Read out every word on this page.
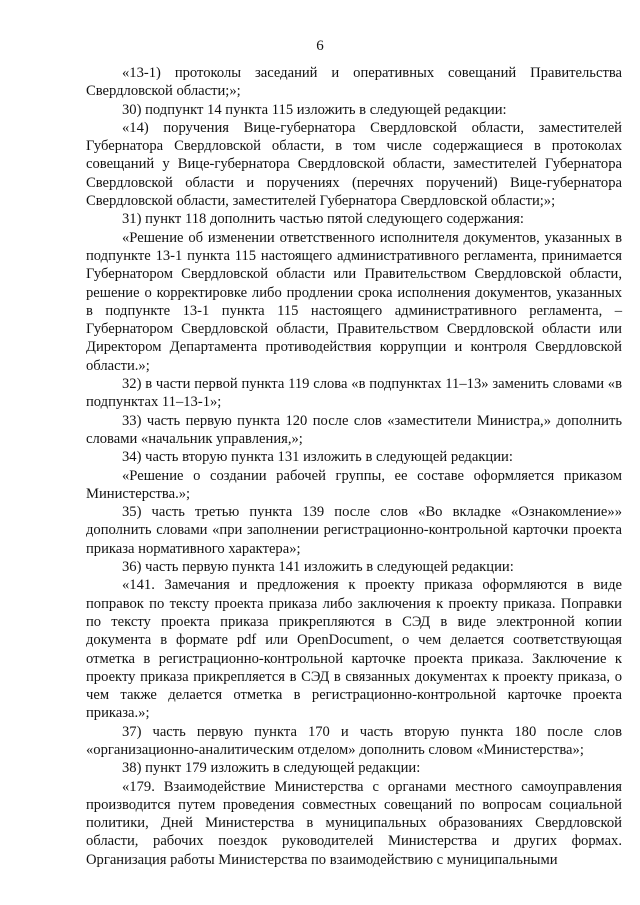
6

«13-1) протоколы заседаний и оперативных совещаний Правительства Свердловской области;»;

30) подпункт 14 пункта 115 изложить в следующей редакции:

«14) поручения Вице-губернатора Свердловской области, заместителей Губернатора Свердловской области, в том числе содержащиеся в протоколах совещаний у Вице-губернатора Свердловской области, заместителей Губернатора Свердловской области и поручениях (перечнях поручений) Вице-губернатора Свердловской области, заместителей Губернатора Свердловской области;»;

31) пункт 118 дополнить частью пятой следующего содержания:

«Решение об изменении ответственного исполнителя документов, указанных в подпункте 13-1 пункта 115 настоящего административного регламента, принимается Губернатором Свердловской области или Правительством Свердловской области, решение о корректировке либо продлении срока исполнения документов, указанных в подпункте 13-1 пункта 115 настоящего административного регламента, – Губернатором Свердловской области, Правительством Свердловской области или Директором Департамента противодействия коррупции и контроля Свердловской области.»;

32) в части первой пункта 119 слова «в подпунктах 11–13» заменить словами «в подпунктах 11–13-1»;

33) часть первую пункта 120 после слов «заместители Министра,» дополнить словами «начальник управления,»;

34) часть вторую пункта 131 изложить в следующей редакции:

«Решение о создании рабочей группы, ее составе оформляется приказом Министерства.»;

35) часть третью пункта 139 после слов «Во вкладке «Ознакомление»» дополнить словами «при заполнении регистрационно-контрольной карточки проекта приказа нормативного характера»;

36) часть первую пункта 141 изложить в следующей редакции:

«141. Замечания и предложения к проекту приказа оформляются в виде поправок по тексту проекта приказа либо заключения к проекту приказа. Поправки по тексту проекта приказа прикрепляются в СЭД в виде электронной копии документа в формате pdf или OpenDocument, о чем делается соответствующая отметка в регистрационно-контрольной карточке проекта приказа. Заключение к проекту приказа прикрепляется в СЭД в связанных документах к проекту приказа, о чем также делается отметка в регистрационно-контрольной карточке проекта приказа.»;

37) часть первую пункта 170 и часть вторую пункта 180 после слов «организационно-аналитическим отделом» дополнить словом «Министерства»;

38) пункт 179 изложить в следующей редакции:

«179. Взаимодействие Министерства с органами местного самоуправления производится путем проведения совместных совещаний по вопросам социальной политики, Дней Министерства в муниципальных образованиях Свердловской области, рабочих поездок руководителей Министерства и других формах. Организация работы Министерства по взаимодействию с муниципальными
